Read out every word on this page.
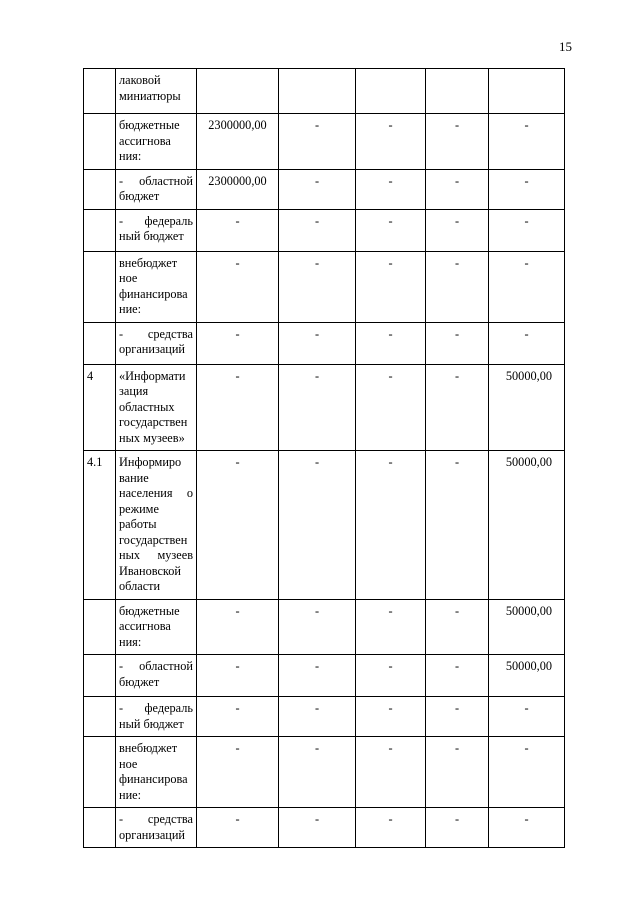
15
	лаковой миниатюры					
	бюджетные ассигнова ния:	2300000,00	-	-	-	-
	- областной бюджет	2300000,00	-	-	-	-
	- федераль ный бюджет	-	-	-	-	-
	внебюджет ное финансирова ние:	-	-	-	-	-
	- средства организаций	-	-	-	-	-
4	«Информати зация областных государствен ных музеев»	-	-	-	-	50000,00
4.1	Информиро вание населения о режиме работы государствен ных музеев Ивановской области	-	-	-	-	50000,00
	бюджетные ассигнова ния:	-	-	-	-	50000,00
	- областной бюджет	-	-	-	-	50000,00
	- федераль ный бюджет	-	-	-	-	-
	внебюджет ное финансирова ние:	-	-	-	-	-
	- средства организаций	-	-	-	-	-
